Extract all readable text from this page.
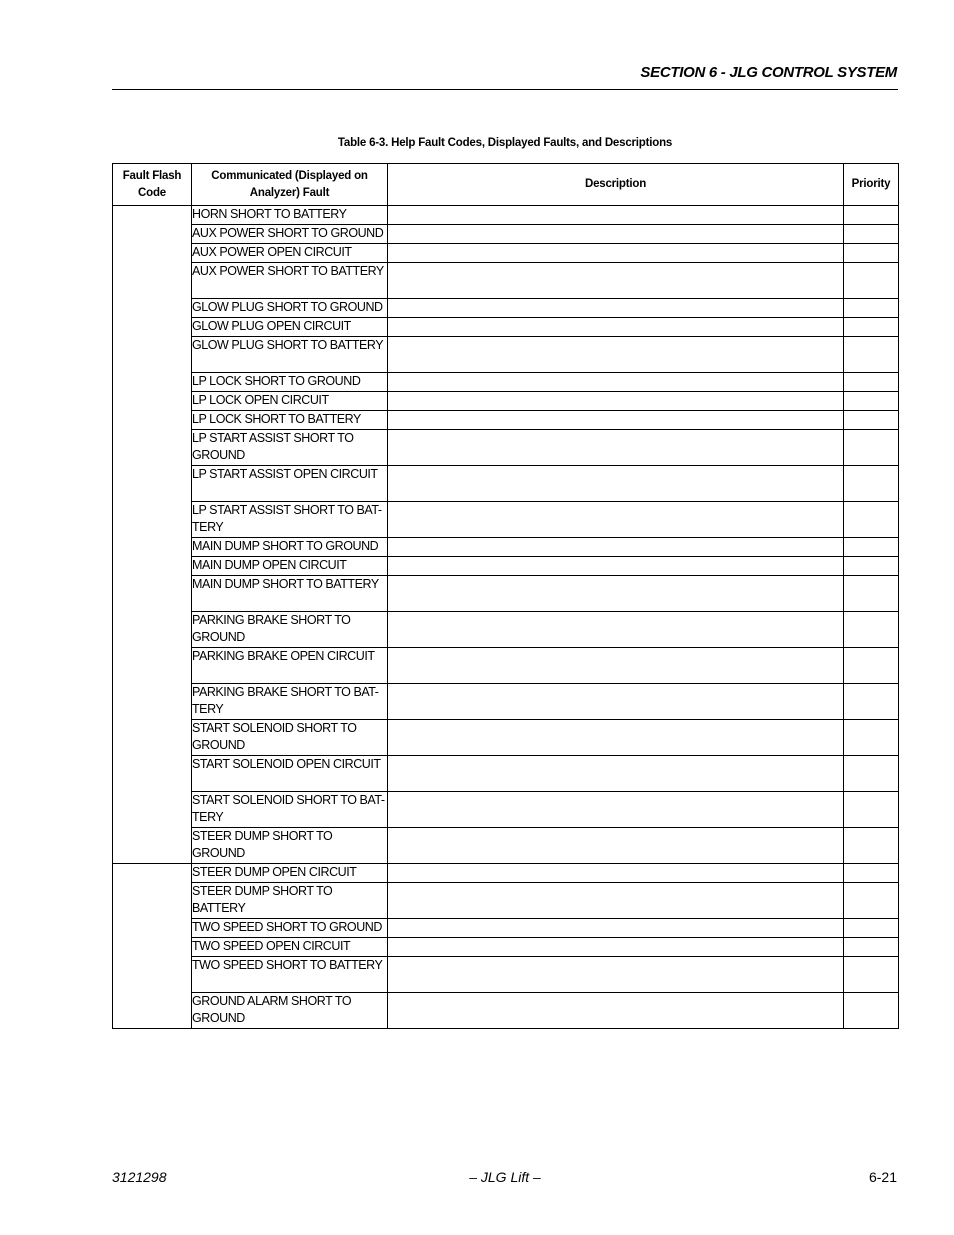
SECTION 6 - JLG CONTROL SYSTEM
Table 6-3. Help Fault Codes, Displayed Faults, and Descriptions
Fault Flash Code	Communicated (Displayed on Analyzer) Fault	Description	Priority
	HORN SHORT TO BATTERY		
	AUX POWER SHORT TO GROUND		
	AUX POWER OPEN CIRCUIT		
	AUX POWER SHORT TO BATTERY		
	GLOW PLUG SHORT TO GROUND		
	GLOW PLUG OPEN CIRCUIT		
	GLOW PLUG SHORT TO BATTERY		
	LP LOCK SHORT TO GROUND		
	LP LOCK OPEN CIRCUIT		
	LP LOCK SHORT TO BATTERY		
	LP START ASSIST SHORT TO GROUND		
	LP START ASSIST OPEN CIRCUIT		
	LP START ASSIST SHORT TO BAT-TERY		
	MAIN DUMP SHORT TO GROUND		
	MAIN DUMP OPEN CIRCUIT		
	MAIN DUMP SHORT TO BATTERY		
	PARKING BRAKE SHORT TO GROUND		
	PARKING BRAKE OPEN CIRCUIT		
	PARKING BRAKE SHORT TO BAT-TERY		
	START SOLENOID SHORT TO GROUND		
	START SOLENOID OPEN CIRCUIT		
	START SOLENOID SHORT TO BAT-TERY		
	STEER DUMP SHORT TO GROUND		
	STEER DUMP OPEN CIRCUIT		
	STEER DUMP SHORT TO BATTERY		
	TWO SPEED SHORT TO GROUND		
	TWO SPEED OPEN CIRCUIT		
	TWO SPEED SHORT TO BATTERY		
	GROUND ALARM SHORT TO GROUND		
3121298	– JLG Lift –	6-21
